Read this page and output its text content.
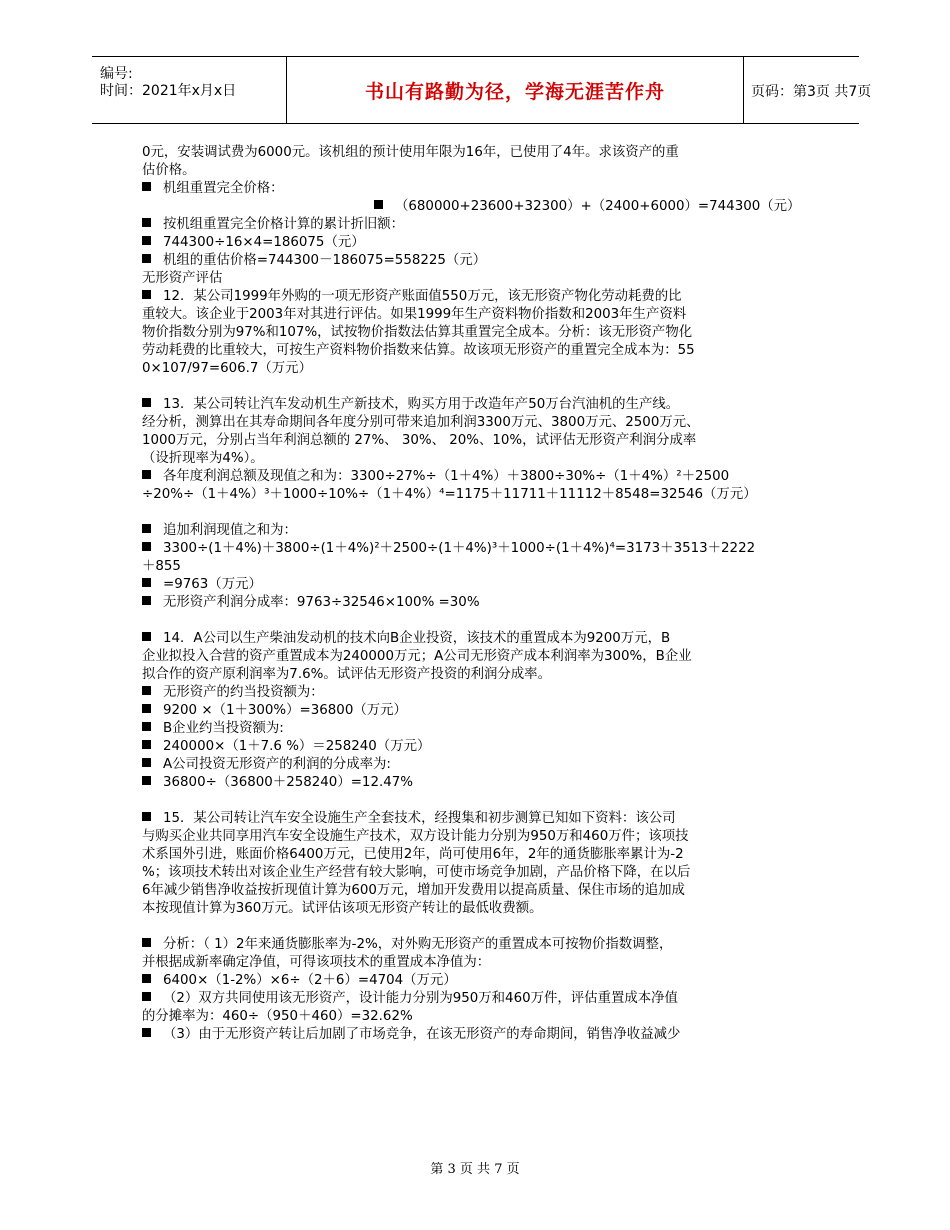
编号:
时间：2021年x月x日	书山有路勤为径，学海无涯苦作舟	页码：第3页 共7页
0元，安装调试费为6000元。该机组的预计使用年限为16年，已使用了4年。求该资产的重
估价格。
机组重置完全价格：
（680000+23600+32300）+（2400+6000）=744300（元）
按机组重置完全价格计算的累计折旧额：
744300÷16×4=186075（元）
机组的重估价格=744300－186075=558225（元）
无形资产评估
12．某公司1999年外购的一项无形资产账面值550万元，该无形资产物化劳动耗费的比
重较大。该企业于2003年对其进行评估。如果1999年生产资料物价指数和2003年生产资料
物价指数分别为97%和107%，试按物价指数法估算其重置完全成本。分析：该无形资产物化
劳动耗费的比重较大，可按生产资料物价指数来估算。故该项无形资产的重置完全成本为：55
0×107/97=606.7（万元）
13．某公司转让汽车发动机生产新技术，购买方用于改造年产50万台汽油机的生产线。
经分析，测算出在其寿命期间各年度分别可带来追加利润3300万元、3800万元、2500万元、
1000万元，分别占当年利润总额的 27%、 30%、 20%、10%，试评估无形资产利润分成率
（设折现率为4%）。
各年度利润总额及现值之和为：3300÷27%÷（1＋4%）＋3800÷30%÷（1＋4%）²＋2500
÷20%÷（1＋4%）³＋1000÷10%÷（1＋4%）⁴=1175＋11711＋11112＋8548=32546（万元）
追加利润现值之和为：
3300÷(1＋4%)＋3800÷(1＋4%)²＋2500÷(1＋4%)³＋1000÷(1＋4%)⁴=3173＋3513＋2222
＋855
=9763（万元）
无形资产利润分成率：9763÷32546×100% =30%
14．A公司以生产柴油发动机的技术向B企业投资，该技术的重置成本为9200万元，B
企业拟投入合营的资产重置成本为240000万元；A公司无形资产成本利润率为300%，B企业
拟合作的资产原利润率为7.6%。试评估无形资产投资的利润分成率。
无形资产的约当投资额为：
9200 ×（1＋300%）=36800（万元）
B企业约当投资额为:
240000×（1＋7.6 %）＝258240（万元）
A公司投资无形资产的利润的分成率为:
36800÷（36800＋258240）=12.47%
15．某公司转让汽车安全设施生产全套技术，经搜集和初步测算已知如下资料：该公司
与购买企业共同享用汽车安全设施生产技术，双方设计能力分别为950万和460万件；该项技
术系国外引进，账面价格6400万元，已使用2年，尚可使用6年，2年的通货膨胀率累计为-2
%；该项技术转出对该企业生产经营有较大影响，可使市场竞争加剧，产品价格下降，在以后
6年减少销售净收益按折现值计算为600万元，增加开发费用以提高质量、保住市场的追加成
本按现值计算为360万元。试评估该项无形资产转让的最低收费额。
分析：（ 1）2年来通货膨胀率为-2%，对外购无形资产的重置成本可按物价指数调整，
并根据成新率确定净值，可得该项技术的重置成本净值为：
6400×（1-2%）×6÷（2＋6）=4704（万元）
（2）双方共同使用该无形资产，设计能力分别为950万和460万件，评估重置成本净值
的分摊率为：460÷（950＋460）=32.62%
（3）由于无形资产转让后加剧了市场竞争，在该无形资产的寿命期间，销售净收益减少
第 3 页 共 7 页
